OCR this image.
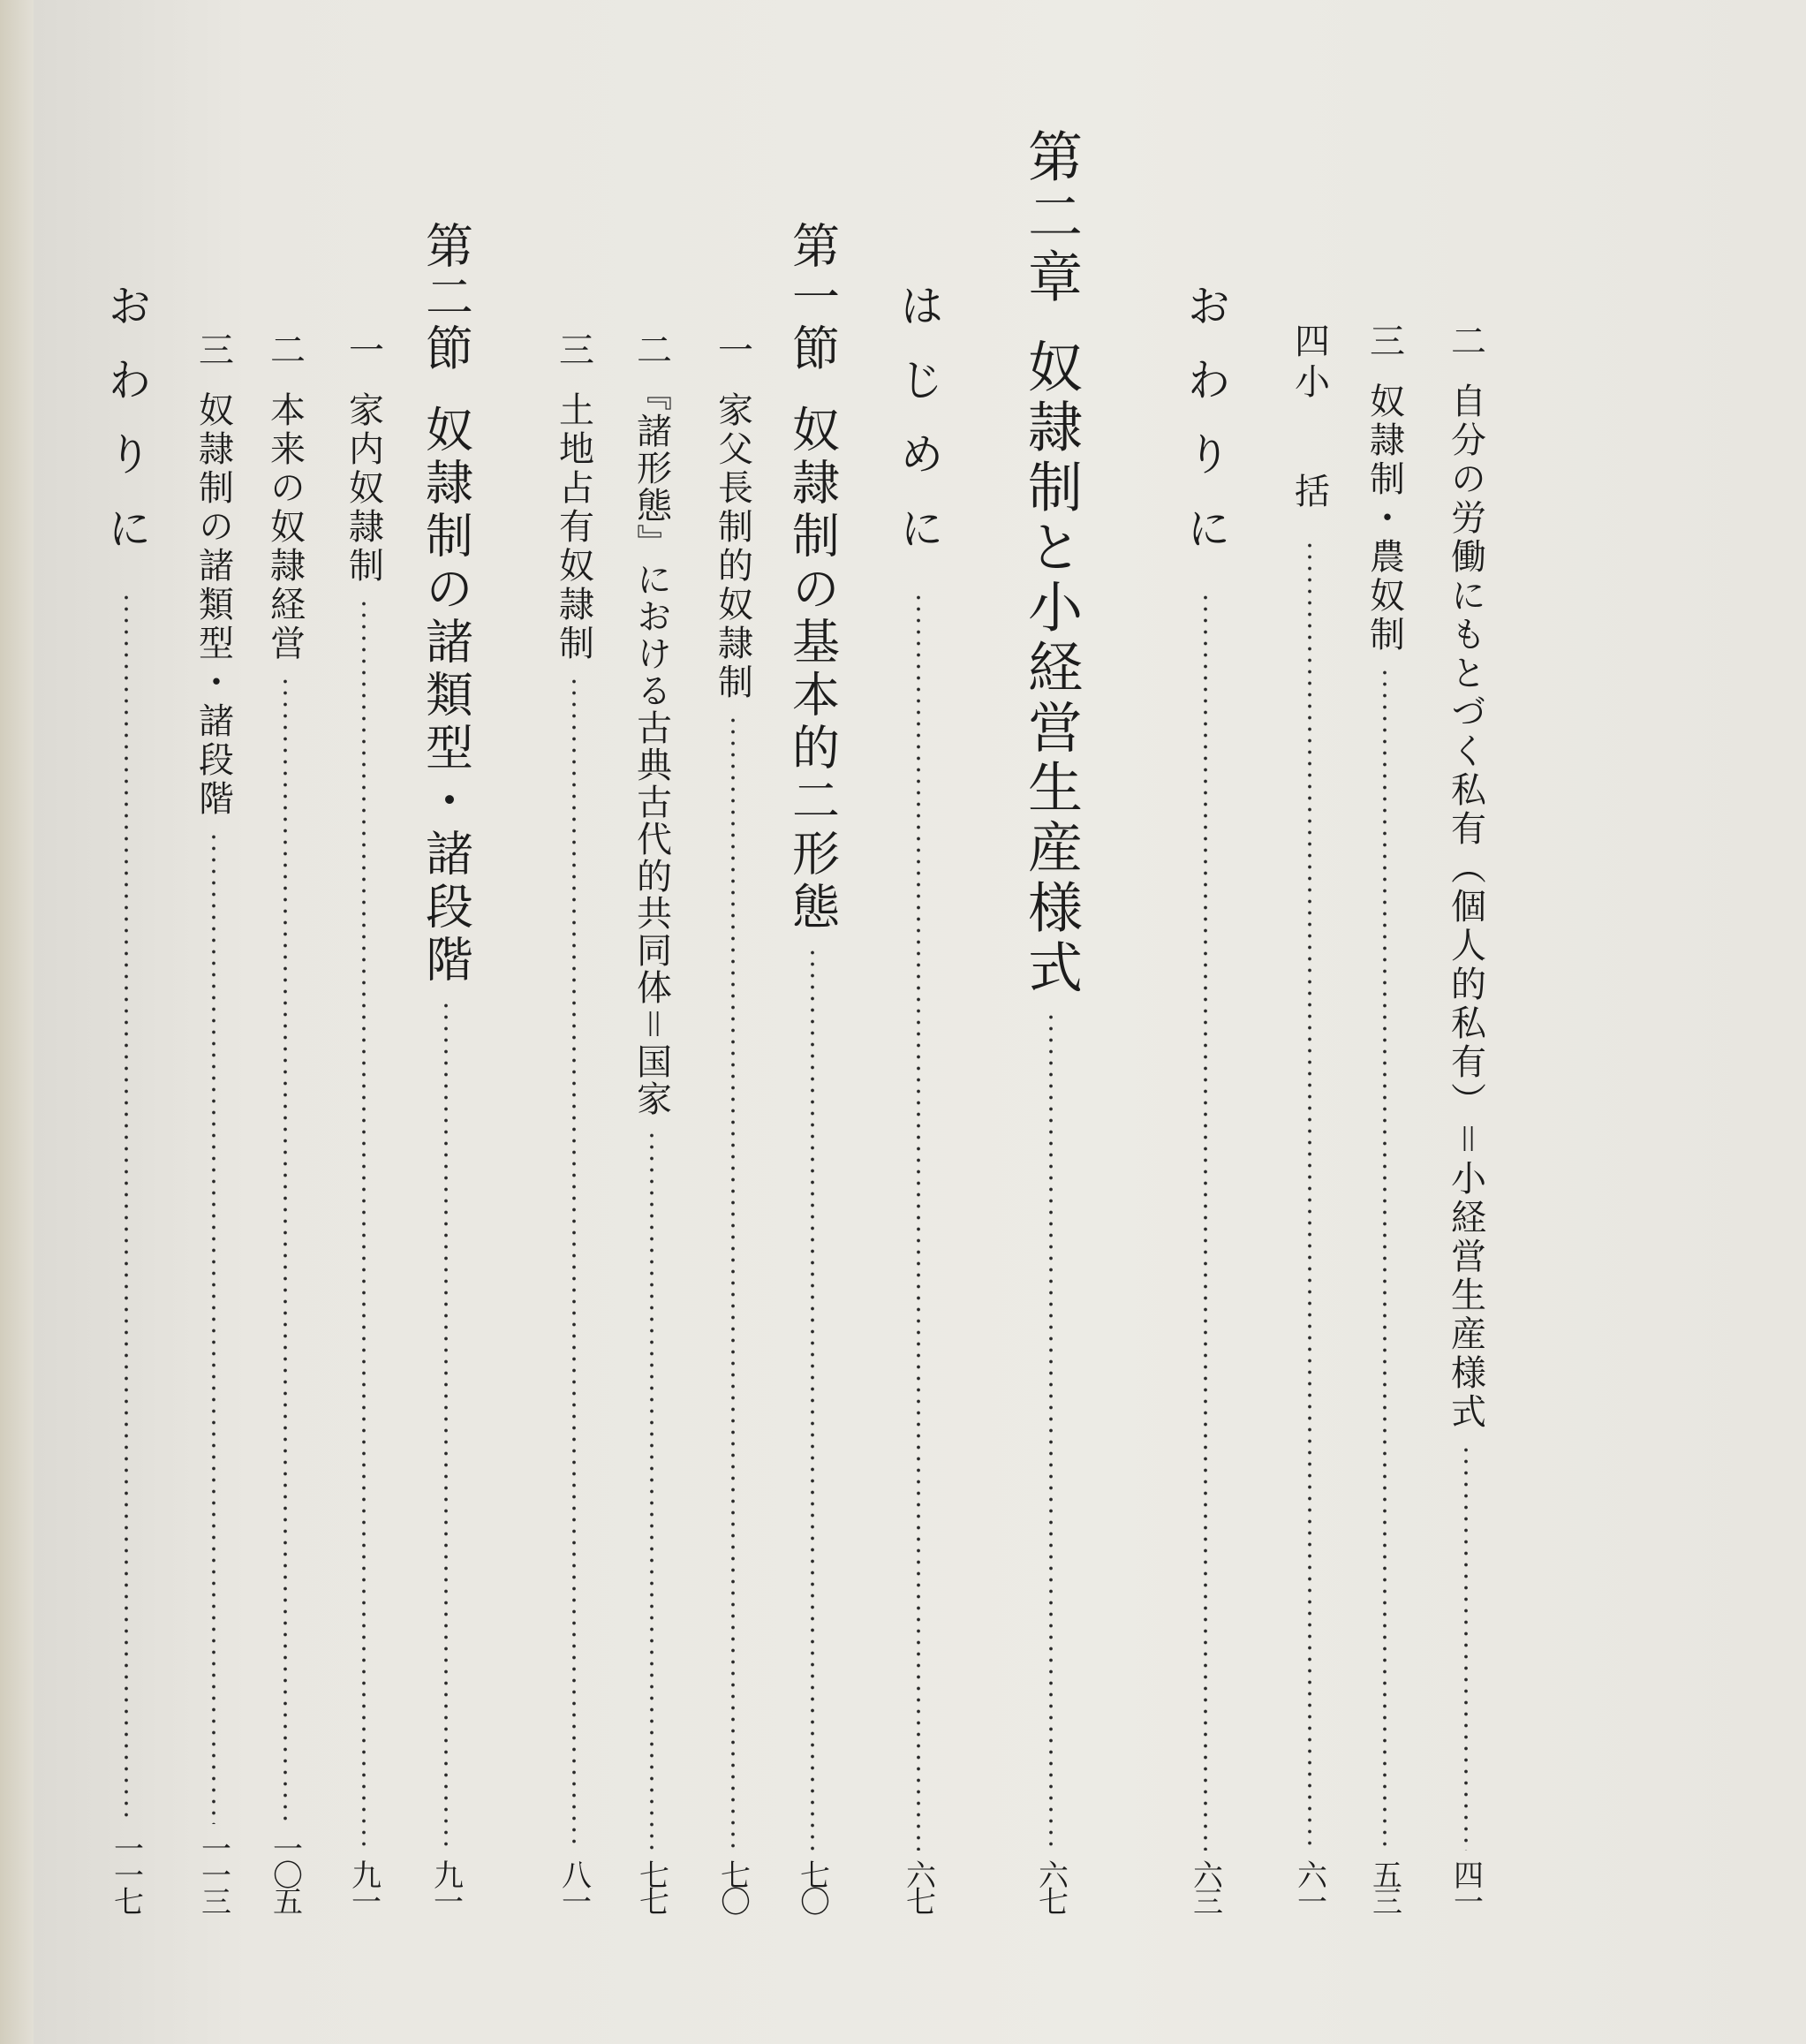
二
自分の労働にもとづく私有（個人的私有）＝小経営生産様式
四一
三
奴隷制・農奴制
五三
四
小　括
六一
おわりに
六三
第二章
奴隷制と小経営生産様式
六七
はじめに
六七
第一節
奴隷制の基本的二形態
七〇
一
家父長制的奴隷制
七〇
二
『諸形態』における古典古代的共同体＝国家
七七
三
土地占有奴隷制
八一
第二節
奴隷制の諸類型・諸段階
九一
一
家内奴隷制
九一
二
本来の奴隷経営
一〇五
三
奴隷制の諸類型・諸段階
一一三
おわりに
一一七
